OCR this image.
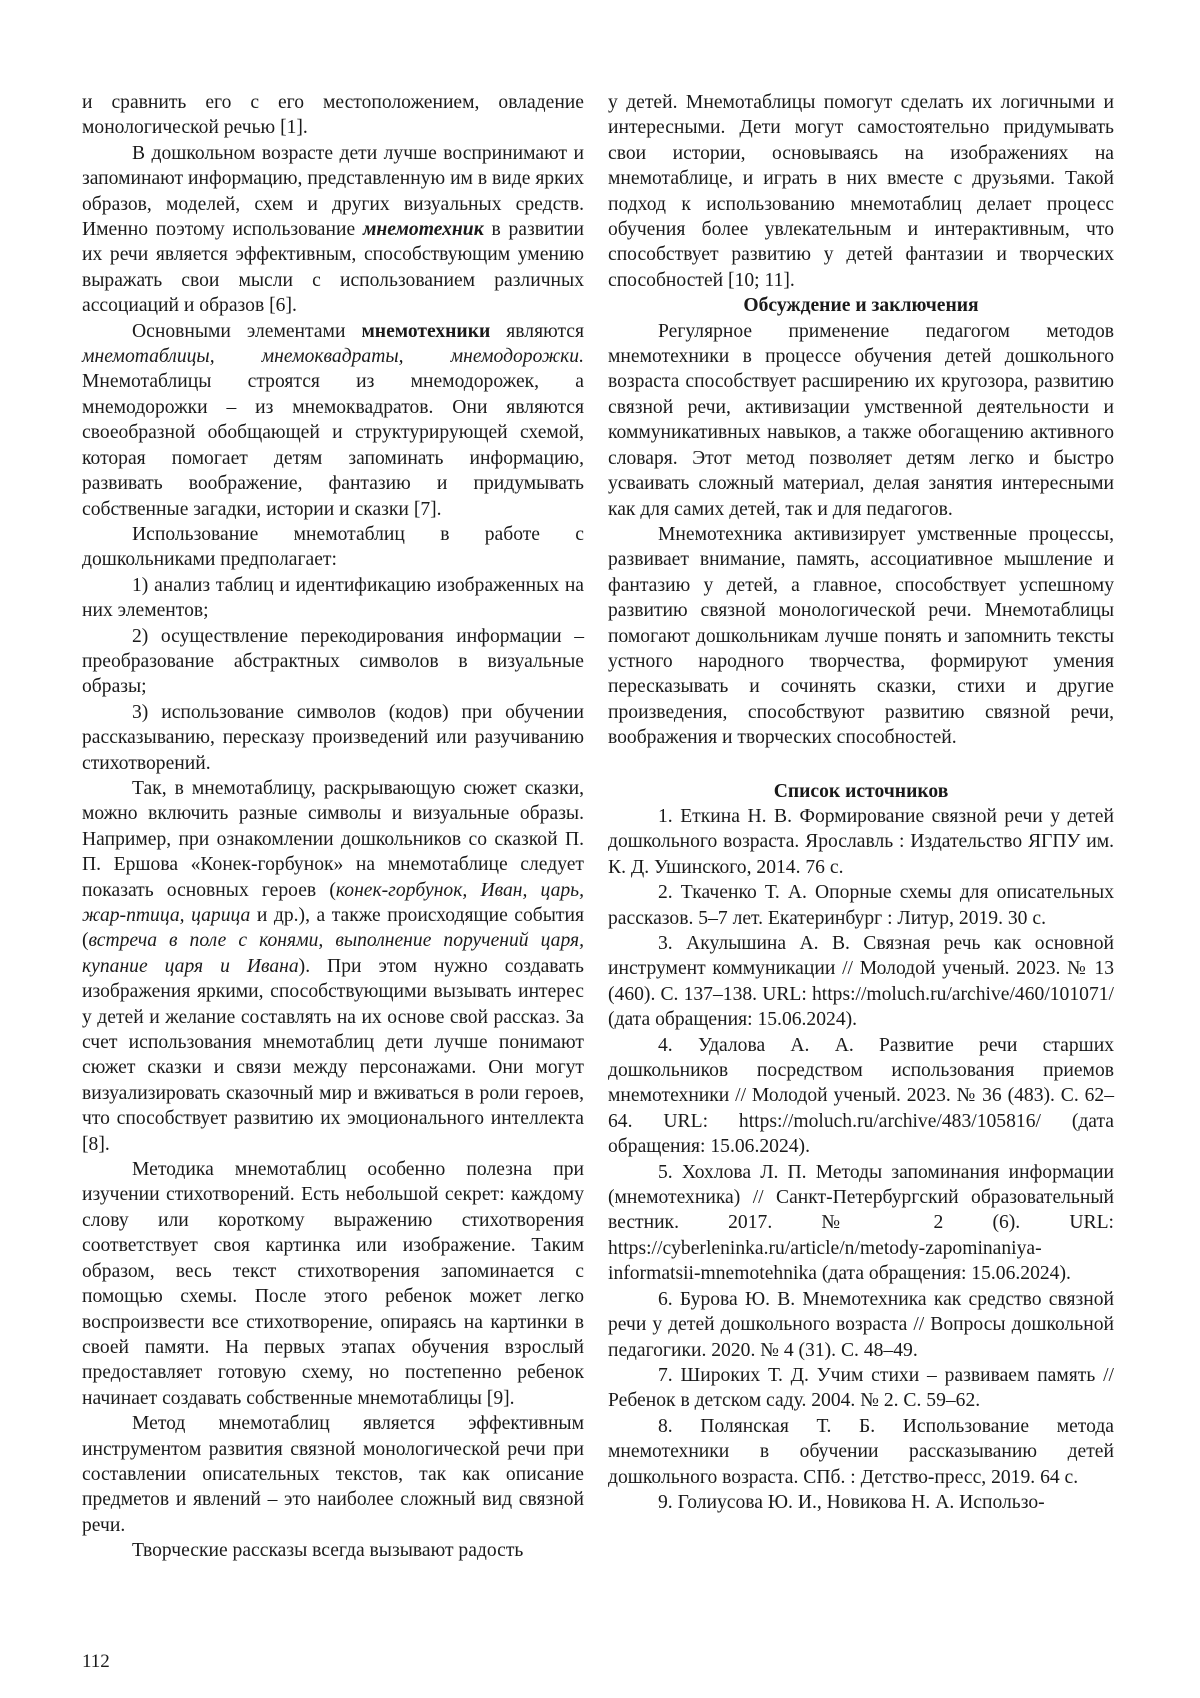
и сравнить его с его местоположением, овладение монологической речью [1].

В дошкольном возрасте дети лучше воспринимают и запоминают информацию, представленную им в виде ярких образов, моделей, схем и других визуальных средств. Именно поэтому использование мнемотехник в развитии их речи является эффективным, способствующим умению выражать свои мысли с использованием различных ассоциаций и образов [6].

Основными элементами мнемотехники являются мнемотаблицы, мнемоквадраты, мнемодорожки. Мнемотаблицы строятся из мнемодорожек, а мнемодорожки – из мнемоквадратов. Они являются своеобразной обобщающей и структурирующей схемой, которая помогает детям запоминать информацию, развивать воображение, фантазию и придумывать собственные загадки, истории и сказки [7].

Использование мнемотаблиц в работе с дошкольниками предполагает:

1) анализ таблиц и идентификацию изображенных на них элементов;

2) осуществление перекодирования информации – преобразование абстрактных символов в визуальные образы;

3) использование символов (кодов) при обучении рассказыванию, пересказу произведений или разучиванию стихотворений.

Так, в мнемотаблицу, раскрывающую сюжет сказки, можно включить разные символы и визуальные образы. Например, при ознакомлении дошкольников со сказкой П. П. Ершова «Конек-горбунок» на мнемотаблице следует показать основных героев (конек-горбунок, Иван, царь, жар-птица, царица и др.), а также происходящие события (встреча в поле с конями, выполнение поручений царя, купание царя и Ивана). При этом нужно создавать изображения яркими, способствующими вызывать интерес у детей и желание составлять на их основе свой рассказ. За счет использования мнемотаблиц дети лучше понимают сюжет сказки и связи между персонажами. Они могут визуализировать сказочный мир и вживаться в роли героев, что способствует развитию их эмоционального интеллекта [8].

Методика мнемотаблиц особенно полезна при изучении стихотворений. Есть небольшой секрет: каждому слову или короткому выражению стихотворения соответствует своя картинка или изображение. Таким образом, весь текст стихотворения запоминается с помощью схемы. После этого ребенок может легко воспроизвести все стихотворение, опираясь на картинки в своей памяти. На первых этапах обучения взрослый предоставляет готовую схему, но постепенно ребенок начинает создавать собственные мнемотаблицы [9].

Метод мнемотаблиц является эффективным инструментом развития связной монологической речи при составлении описательных текстов, так как описание предметов и явлений – это наиболее сложный вид связной речи.

Творческие рассказы всегда вызывают радость

у детей. Мнемотаблицы помогут сделать их логичными и интересными. Дети могут самостоятельно придумывать свои истории, основываясь на изображениях на мнемотаблице, и играть в них вместе с друзьями. Такой подход к использованию мнемотаблиц делает процесс обучения более увлекательным и интерактивным, что способствует развитию у детей фантазии и творческих способностей [10; 11].

Обсуждение и заключения

Регулярное применение педагогом методов мнемотехники в процессе обучения детей дошкольного возраста способствует расширению их кругозора, развитию связной речи, активизации умственной деятельности и коммуникативных навыков, а также обогащению активного словаря. Этот метод позволяет детям легко и быстро усваивать сложный материал, делая занятия интересными как для самих детей, так и для педагогов.

Мнемотехника активизирует умственные процессы, развивает внимание, память, ассоциативное мышление и фантазию у детей, а главное, способствует успешному развитию связной монологической речи. Мнемотаблицы помогают дошкольникам лучше понять и запомнить тексты устного народного творчества, формируют умения пересказывать и сочинять сказки, стихи и другие произведения, способствуют развитию связной речи, воображения и творческих способностей.

Список источников

1. Еткина Н. В. Формирование связной речи у детей дошкольного возраста. Ярославль : Издательство ЯГПУ им. К. Д. Ушинского, 2014. 76 с.

2. Ткаченко Т. А. Опорные схемы для описательных рассказов. 5–7 лет. Екатеринбург : Литур, 2019. 30 с.

3. Акулышина А. В. Связная речь как основной инструмент коммуникации // Молодой ученый. 2023. № 13 (460). С. 137–138. URL: https://moluch.ru/archive/460/101071/ (дата обращения: 15.06.2024).

4. Удалова А. А. Развитие речи старших дошкольников посредством использования приемов мнемотехники // Молодой ученый. 2023. № 36 (483). С. 62–64. URL: https://moluch.ru/archive/483/105816/ (дата обращения: 15.06.2024).

5. Хохлова Л. П. Методы запоминания информации (мнемотехника) // Санкт-Петербургский образовательный вестник. 2017. № 2 (6). URL: https://cyberleninka.ru/article/n/metody-zapominaniya-informatsii-mnemotehnika (дата обращения: 15.06.2024).

6. Бурова Ю. В. Мнемотехника как средство связной речи у детей дошкольного возраста // Вопросы дошкольной педагогики. 2020. № 4 (31). С. 48–49.

7. Широких Т. Д. Учим стихи – развиваем память // Ребенок в детском саду. 2004. № 2. С. 59–62.

8. Полянская Т. Б. Использование метода мнемотехники в обучении рассказыванию детей дошкольного возраста. СПб. : Детство-пресс, 2019. 64 с.

9. Голиусова Ю. И., Новикова Н. А. Использо-

112
